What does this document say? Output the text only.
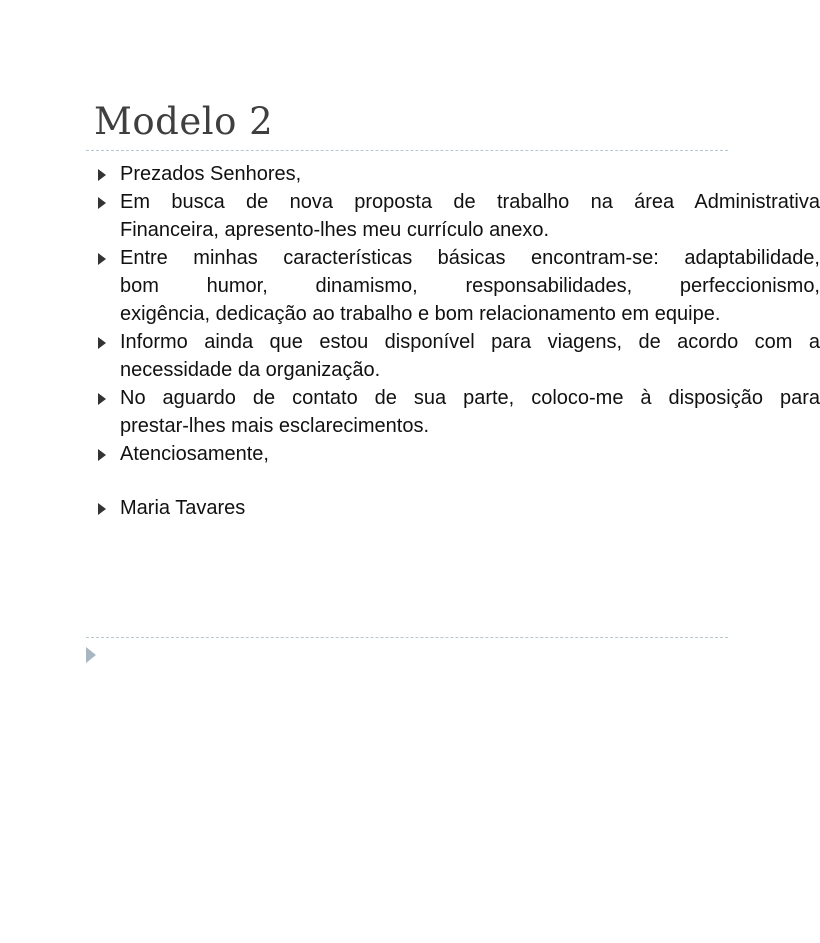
Modelo 2
Prezados Senhores,
Em busca de nova proposta de trabalho na área Administrativa
Financeira, apresento-lhes meu currículo anexo.
Entre minhas características básicas encontram-se: adaptabilidade,
bom humor, dinamismo, responsabilidades, perfeccionismo,
exigência, dedicação ao trabalho e bom relacionamento em equipe.
Informo ainda que estou disponível para viagens, de acordo com a
necessidade da organização.
No aguardo de contato de sua parte, coloco-me à disposição para
prestar-lhes mais esclarecimentos.
Atenciosamente,
Maria Tavares
